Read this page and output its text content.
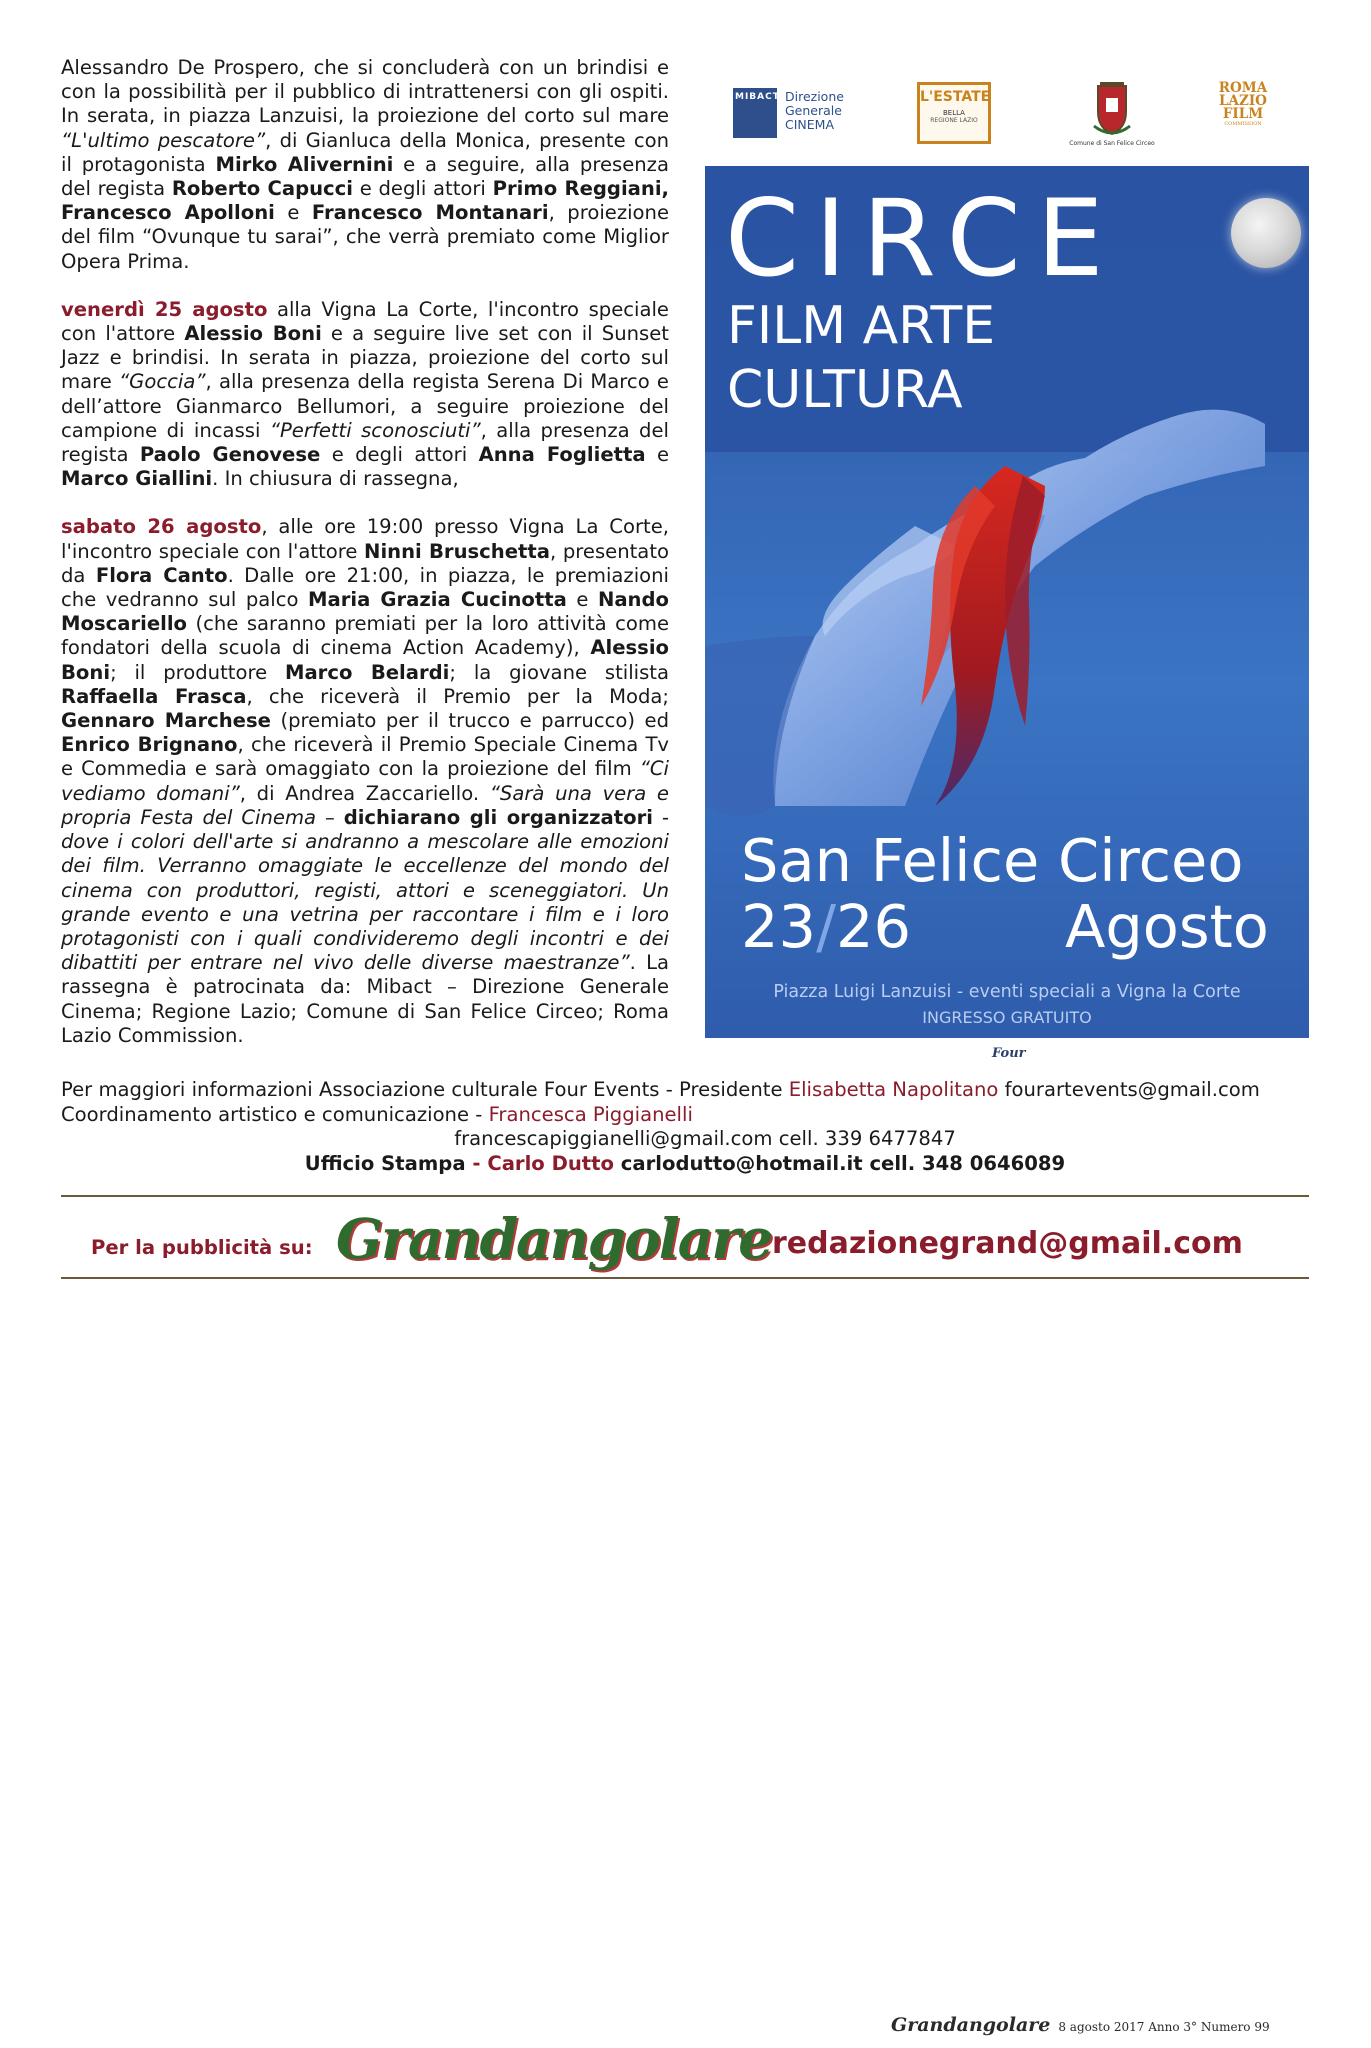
Alessandro De Prospero, che si concluderà con un brindisi e con la possibilità per il pubblico di intrattenersi con gli ospiti. In serata, in piazza Lanzuisi, la proiezione del corto sul mare “L'ultimo pescatore”, di Gianluca della Monica, presente con il protagonista Mirko Alivernini e a seguire, alla presenza del regista Roberto Capucci e degli attori Primo Reggiani, Francesco Apolloni e Francesco Montanari, proiezione del film “Ovunque tu sarai”, che verrà premiato come Miglior Opera Prima.

venerdì 25 agosto alla Vigna La Corte, l'incontro speciale con l'attore Alessio Boni e a seguire live set con il Sunset Jazz e brindisi. In serata in piazza, proiezione del corto sul mare “Goccia”, alla presenza della regista Serena Di Marco e dell’attore Gianmarco Bellumori, a seguire proiezione del campione di incassi “Perfetti sconosciuti”, alla presenza del regista Paolo Genovese e degli attori Anna Foglietta e Marco Giallini. In chiusura di rassegna,

sabato 26 agosto, alle ore 19:00 presso Vigna La Corte, l'incontro speciale con l'attore Ninni Bruschetta, presentato da Flora Canto. Dalle ore 21:00, in piazza, le premiazioni che vedranno sul palco Maria Grazia Cucinotta e Nando Moscariello (che saranno premiati per la loro attività come fondatori della scuola di cinema Action Academy), Alessio Boni; il produttore Marco Belardi; la giovane stilista Raffaella Frasca, che riceverà il Premio per la Moda; Gennaro Marchese (premiato per il trucco e parrucco) ed Enrico Brignano, che riceverà il Premio Speciale Cinema Tv e Commedia e sarà omaggiato con la proiezione del film “Ci vediamo domani”, di Andrea Zaccariello. “Sarà una vera e propria Festa del Cinema – dichiarano gli organizzatori - dove i colori dell'arte si andranno a mescolare alle emozioni dei film. Verranno omaggiate le eccellenze del mondo del cinema con produttori, registi, attori e sceneggiatori. Un grande evento e una vetrina per raccontare i film e i loro protagonisti con i quali condivideremo degli incontri e dei dibattiti per entrare nel vivo delle diverse maestranze”. La rassegna è patrocinata da: Mibact – Direzione Generale Cinema; Regione Lazio; Comune di San Felice Circeo; Roma Lazio Commission.

MIBACT Direzione
Generale
CINEMA
L'ESTATE
BELLA
REGIONE LAZIO
Comune di San Felice Circeo
ROMA
LAZIO
FILM
COMMISSION
CIRCE
FILM ARTE
CULTURA
San Felice Circeo
23/26	Agosto
Piazza Luigi Lanzuisi - eventi speciali a Vigna la Corte
INGRESSO GRATUITO
Four
Per maggiori informazioni Associazione culturale Four Events - Presidente Elisabetta Napolitano fourartevents@gmail.com
Coordinamento artistico e comunicazione - Francesca Piggianelli
francescapiggianelli@gmail.com cell. 339 6477847
Ufficio Stampa - Carlo Dutto carlodutto@hotmail.it cell. 348 0646089
Per la pubblicità su: Grandangolare redazionegrand@gmail.com
Grandangolare 8 agosto 2017 Anno 3° Numero 99
